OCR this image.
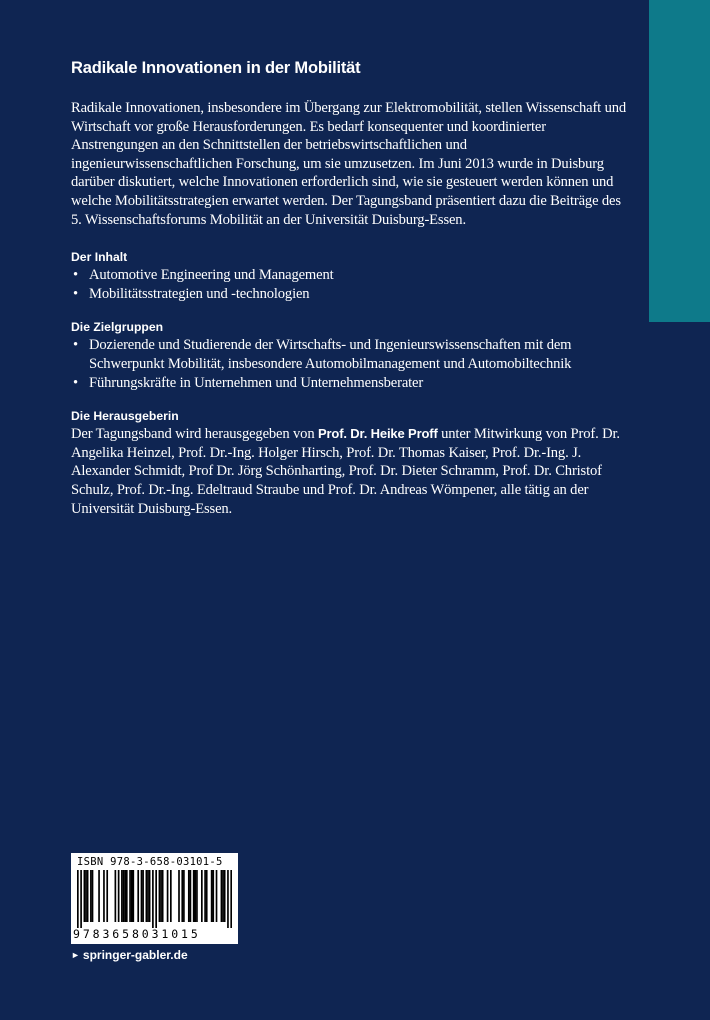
Radikale Innovationen in der Mobilität

Radikale Innovationen, insbesondere im Übergang zur Elektromobilität, stellen Wissenschaft und Wirtschaft vor große Herausforderungen. Es bedarf konsequenter und koordinierter Anstrengungen an den Schnittstellen der betriebswirtschaftlichen und ingenieurwissenschaftlichen Forschung, um sie umzusetzen. Im Juni 2013 wurde in Duisburg darüber diskutiert, welche Innovationen erforderlich sind, wie sie gesteuert werden können und welche Mobilitätsstrategien erwartet werden. Der Tagungsband präsentiert dazu die Beiträge des 5. Wissenschaftsforums Mobilität an der Universität Duisburg-Essen.

Der Inhalt
• Automotive Engineering und Management
• Mobilitätsstrategien und -technologien
Die Zielgruppen
• Dozierende und Studierende der Wirtschafts- und Ingenieurswissenschaften mit dem Schwerpunkt Mobilität, insbesondere Automobilmanagement und Automobiltechnik
• Führungskräfte in Unternehmen und Unternehmensberater
Die Herausgeberin

Der Tagungsband wird herausgegeben von Prof. Dr. Heike Proff unter Mitwirkung von Prof. Dr. Angelika Heinzel, Prof. Dr.-Ing. Holger Hirsch, Prof. Dr. Thomas Kaiser, Prof. Dr.-Ing. J. Alexander Schmidt, Prof Dr. Jörg Schönharting, Prof. Dr. Dieter Schramm, Prof. Dr. Christof Schulz, Prof. Dr.-Ing. Edeltraud Straube und Prof. Dr. Andreas Wömpener, alle tätig an der Universität Duisburg-Essen.

ISBN 978-3-658-03101-5
9783658031015
► springer-gabler.de
